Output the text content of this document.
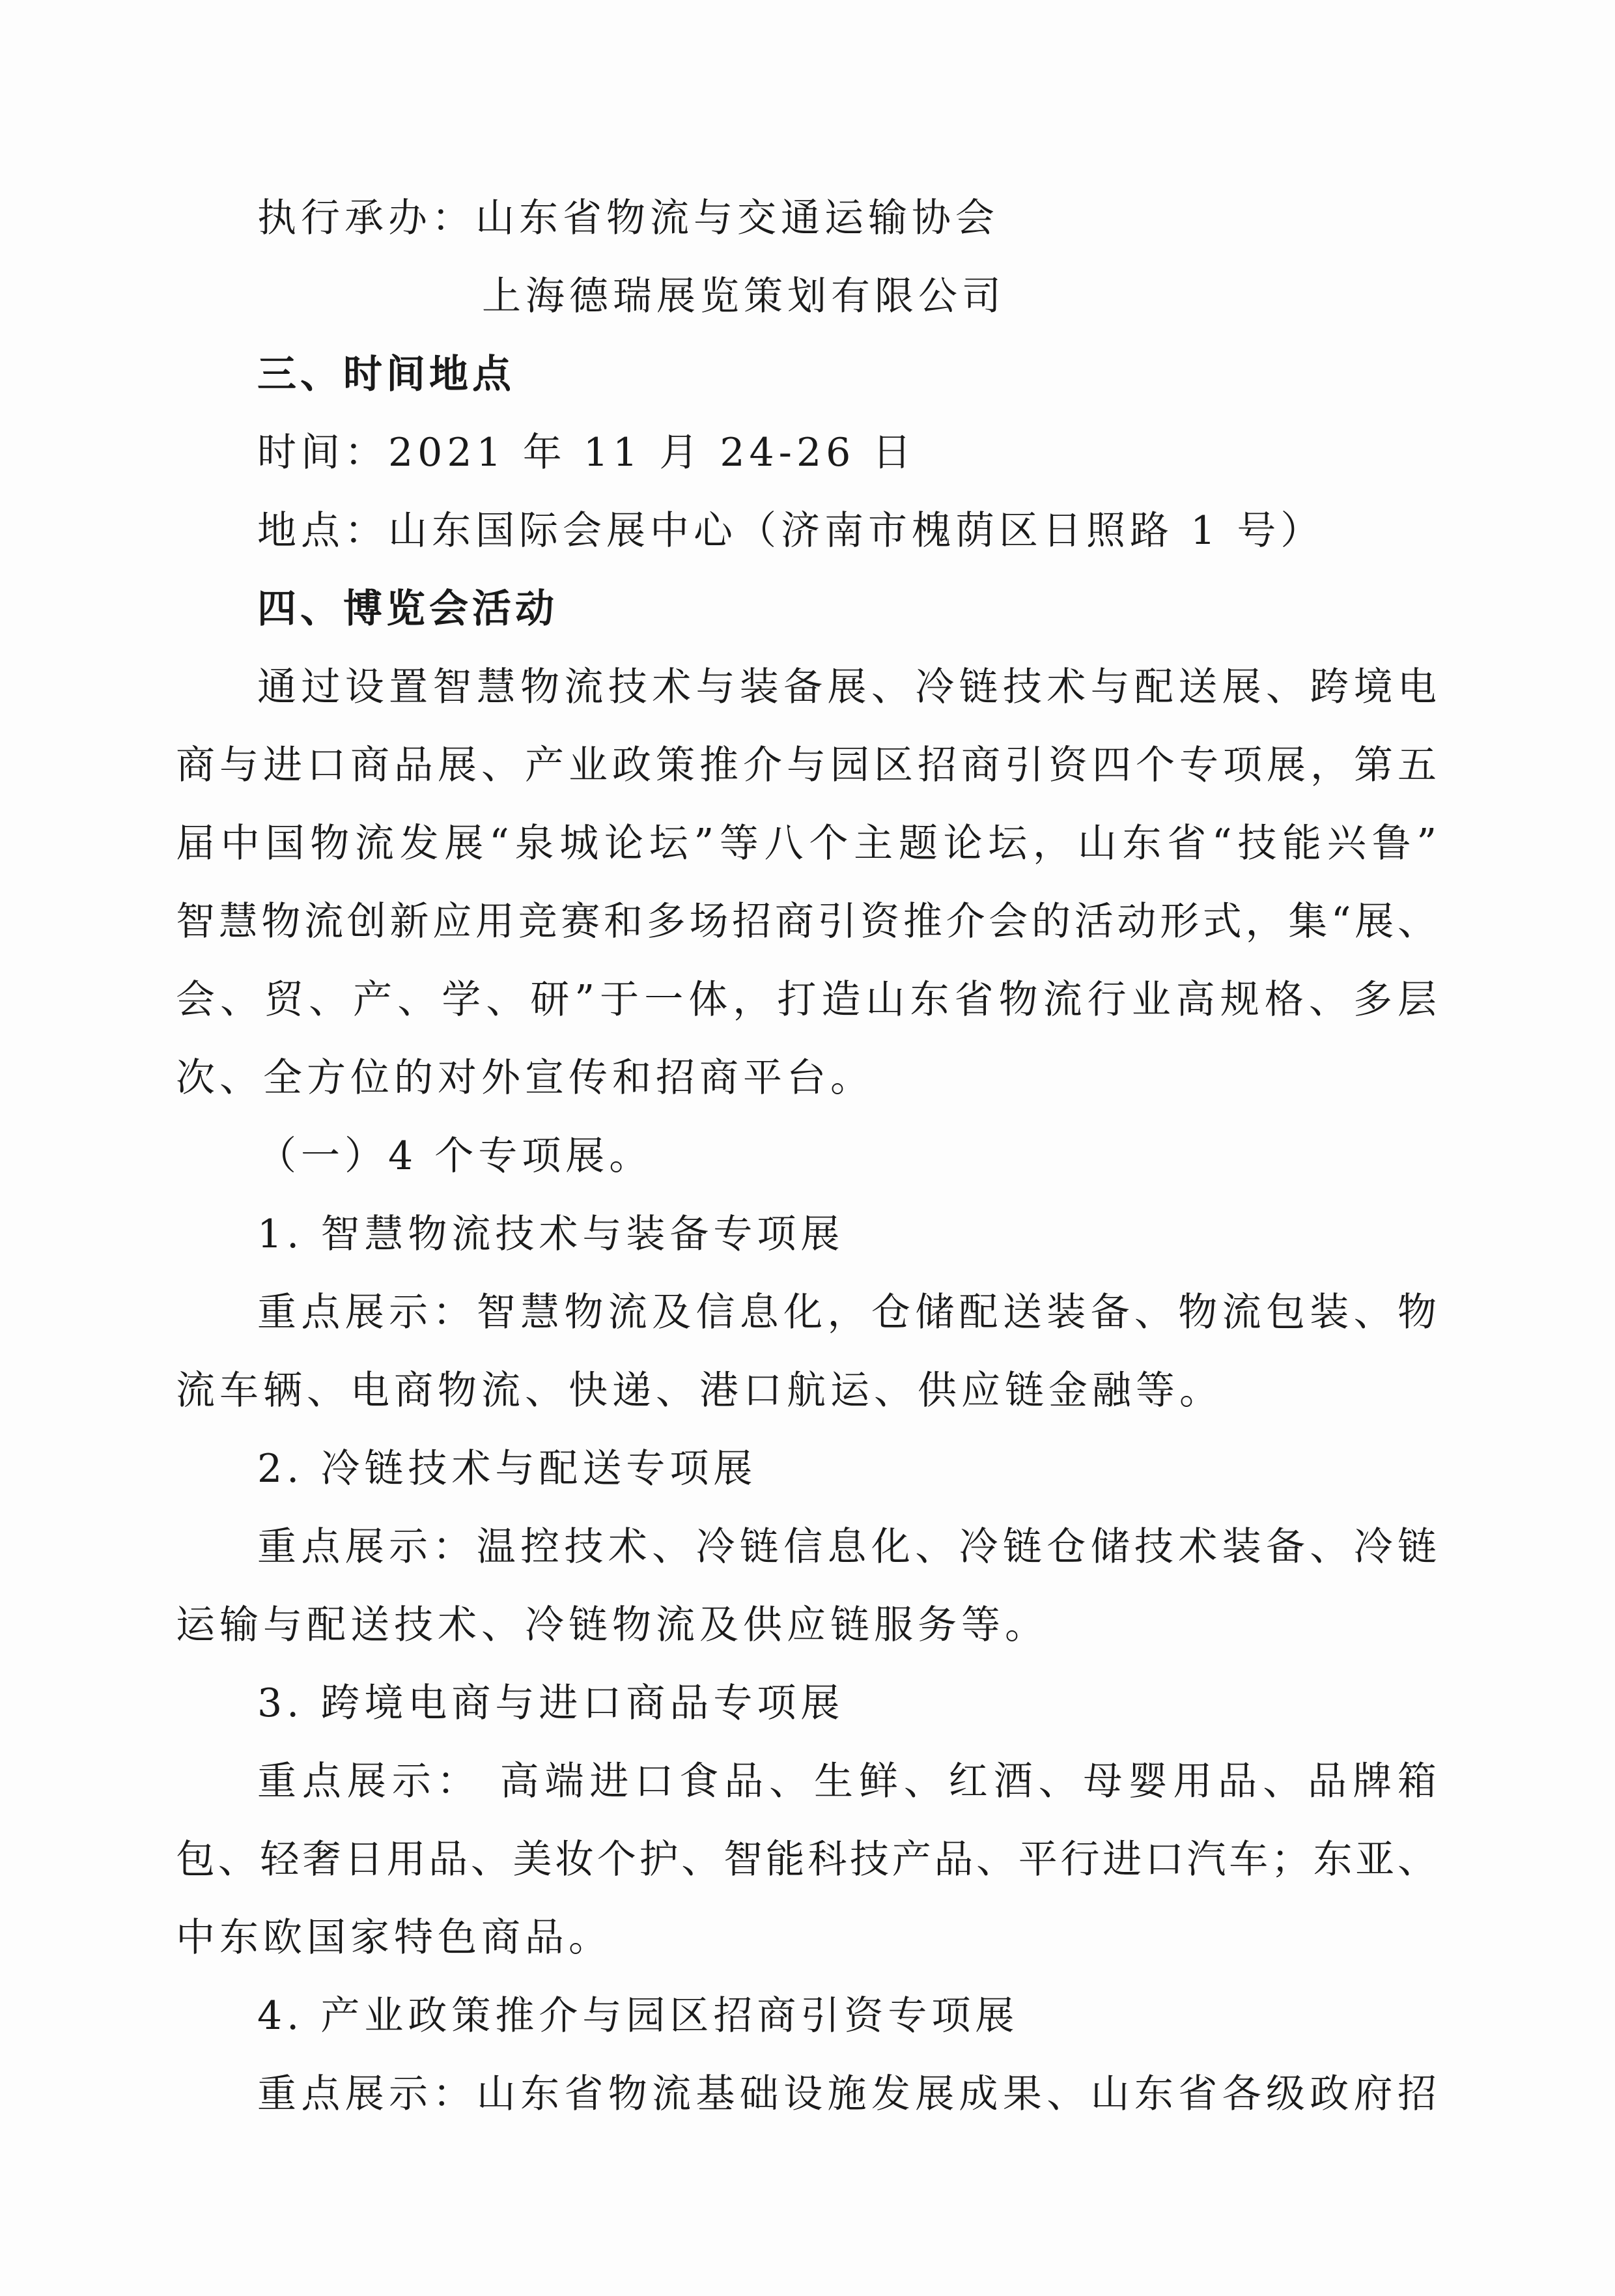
执行承办：山东省物流与交通运输协会
上海德瑞展览策划有限公司
三、时间地点
时间：2021 年 11 月 24-26 日
地点：山东国际会展中心（济南市槐荫区日照路 1 号）
四、博览会活动
通过设置智慧物流技术与装备展、冷链技术与配送展、跨境电
商与进口商品展、产业政策推介与园区招商引资四个专项展，第五
届中国物流发展“泉城论坛”等八个主题论坛，山东省“技能兴鲁”
智慧物流创新应用竞赛和多场招商引资推介会的活动形式，集“展、
会、贸、产、学、研”于一体，打造山东省物流行业高规格、多层
次、全方位的对外宣传和招商平台。
（一）4 个专项展。
1. 智慧物流技术与装备专项展
重点展示：智慧物流及信息化，仓储配送装备、物流包装、物
流车辆、电商物流、快递、港口航运、供应链金融等。
2. 冷链技术与配送专项展
重点展示：温控技术、冷链信息化、冷链仓储技术装备、冷链
运输与配送技术、冷链物流及供应链服务等。
3. 跨境电商与进口商品专项展
重点展示： 高端进口食品、生鲜、红酒、母婴用品、品牌箱
包、轻奢日用品、美妆个护、智能科技产品、平行进口汽车；东亚、
中东欧国家特色商品。
4. 产业政策推介与园区招商引资专项展
重点展示：山东省物流基础设施发展成果、山东省各级政府招
